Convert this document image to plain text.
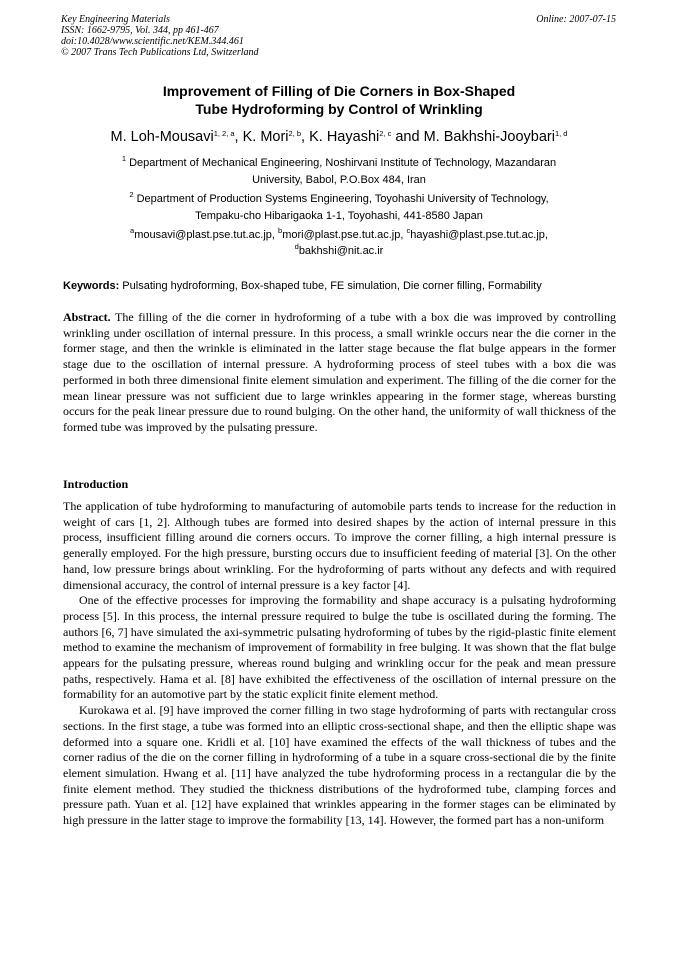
Key Engineering Materials
ISSN: 1662-9795, Vol. 344, pp 461-467
doi:10.4028/www.scientific.net/KEM.344.461
© 2007 Trans Tech Publications Ltd, Switzerland
Online: 2007-07-15
Improvement of Filling of Die Corners in Box-Shaped
Tube Hydroforming by Control of Wrinkling
M. Loh-Mousavi$^{1, 2, a}$, K. Mori$^{2, b}$, K. Hayashi$^{2, c}$ and M. Bakhshi-Jooybari$^{1, d}$
$^1$ Department of Mechanical Engineering, Noshirvani Institute of Technology, Mazandaran
University, Babol, P.O.Box 484, Iran
$^2$ Department of Production Systems Engineering, Toyohashi University of Technology,
Tempaku-cho Hibarigaoka 1-1, Toyohashi, 441-8580 Japan
$^a$mousavi@plast.pse.tut.ac.jp, $^b$mori@plast.pse.tut.ac.jp, $^c$hayashi@plast.pse.tut.ac.jp,
$^d$bakhshi@nit.ac.ir
Keywords: Pulsating hydroforming, Box-shaped tube, FE simulation, Die corner filling, Formability
Abstract. The filling of the die corner in hydroforming of a tube with a box die was improved by controlling wrinkling under oscillation of internal pressure. In this process, a small wrinkle occurs near the die corner in the former stage, and then the wrinkle is eliminated in the latter stage because the flat bulge appears in the former stage due to the oscillation of internal pressure. A hydroforming process of steel tubes with a box die was performed in both three dimensional finite element simulation and experiment. The filling of the die corner for the mean linear pressure was not sufficient due to large wrinkles appearing in the former stage, whereas bursting occurs for the peak linear pressure due to round bulging. On the other hand, the uniformity of wall thickness of the formed tube was improved by the pulsating pressure.
Introduction

The application of tube hydroforming to manufacturing of automobile parts tends to increase for the reduction in weight of cars [1, 2]. Although tubes are formed into desired shapes by the action of internal pressure in this process, insufficient filling around die corners occurs. To improve the corner filling, a high internal pressure is generally employed. For the high pressure, bursting occurs due to insufficient feeding of material [3]. On the other hand, low pressure brings about wrinkling. For the hydroforming of parts without any defects and with required dimensional accuracy, the control of internal pressure is a key factor [4].

One of the effective processes for improving the formability and shape accuracy is a pulsating hydroforming process [5]. In this process, the internal pressure required to bulge the tube is oscillated during the forming. The authors [6, 7] have simulated the axi-symmetric pulsating hydroforming of tubes by the rigid-plastic finite element method to examine the mechanism of improvement of formability in free bulging. It was shown that the flat bulge appears for the pulsating pressure, whereas round bulging and wrinkling occur for the peak and mean pressure paths, respectively. Hama et al. [8] have exhibited the effectiveness of the oscillation of internal pressure on the formability for an automotive part by the static explicit finite element method.

Kurokawa et al. [9] have improved the corner filling in two stage hydroforming of parts with rectangular cross sections. In the first stage, a tube was formed into an elliptic cross-sectional shape, and then the elliptic shape was deformed into a square one. Kridli et al. [10] have examined the effects of the wall thickness of tubes and the corner radius of the die on the corner filling in hydroforming of a tube in a square cross-sectional die by the finite element simulation. Hwang et al. [11] have analyzed the tube hydroforming process in a rectangular die by the finite element method. They studied the thickness distributions of the hydroformed tube, clamping forces and pressure path. Yuan et al. [12] have explained that wrinkles appearing in the former stages can be eliminated by high pressure in the latter stage to improve the formability [13, 14]. However, the formed part has a non-uniform
